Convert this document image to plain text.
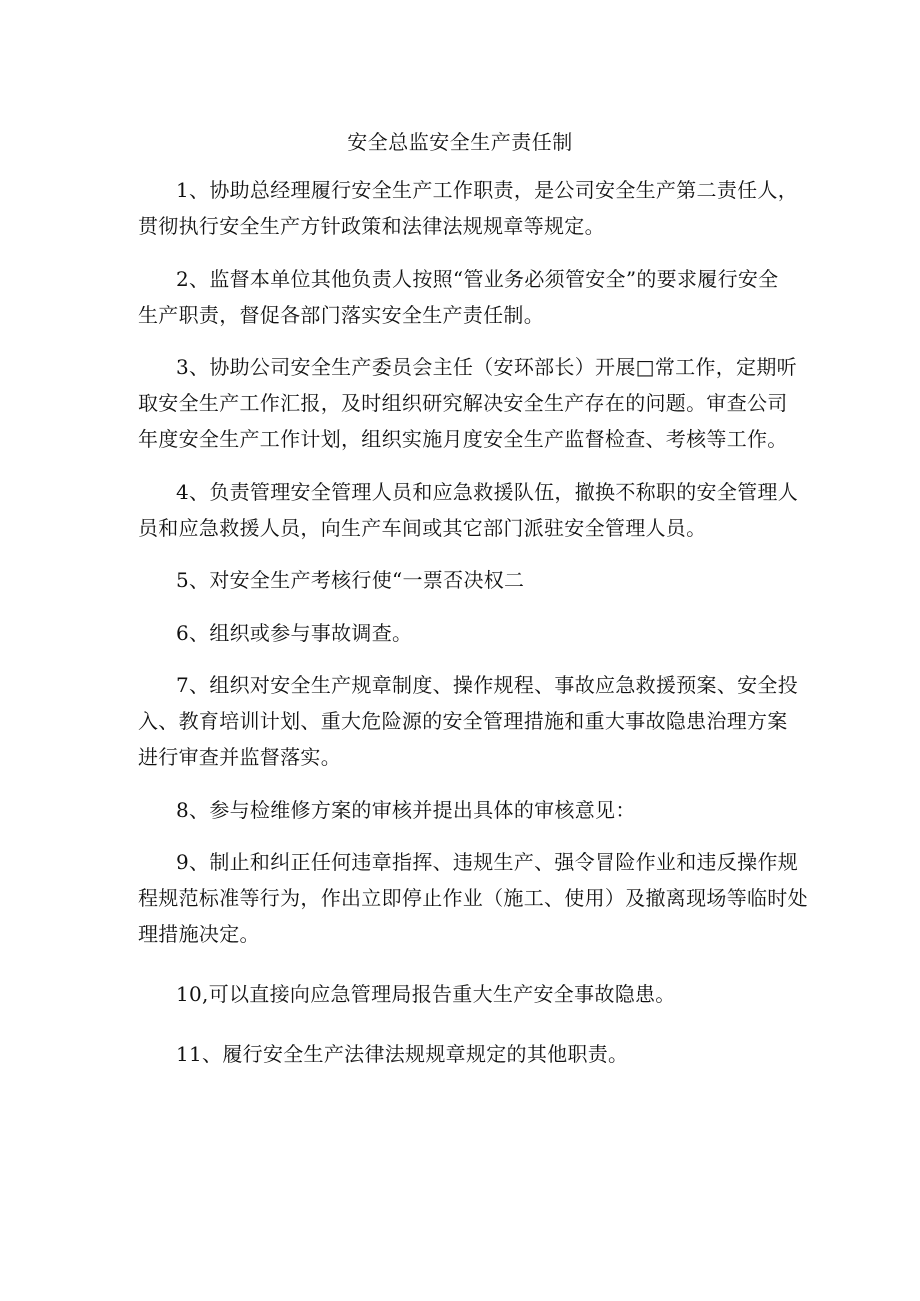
安全总监安全生产责任制
1、协助总经理履行安全生产工作职责，是公司安全生产第二责任人，
贯彻执行安全生产方针政策和法律法规规章等规定。
2、监督本单位其他负责人按照“管业务必须管安全”的要求履行安全
生产职责，督促各部门落实安全生产责任制。
3、协助公司安全生产委员会主任（安环部长）开展□常工作，定期听
取安全生产工作汇报，及时组织研究解决安全生产存在的问题。审查公司
年度安全生产工作计划，组织实施月度安全生产监督检查、考核等工作。
4、负责管理安全管理人员和应急救援队伍，撤换不称职的安全管理人
员和应急救援人员，向生产车间或其它部门派驻安全管理人员。
5、对安全生产考核行使“一票否决权二
6、组织或参与事故调查。
7、组织对安全生产规章制度、操作规程、事故应急救援预案、安全投
入、教育培训计划、重大危险源的安全管理措施和重大事故隐患治理方案
进行审查并监督落实。
8、参与检维修方案的审核并提出具体的审核意见：
9、制止和纠正任何违章指挥、违规生产、强令冒险作业和违反操作规
程规范标准等行为，作出立即停止作业（施工、使用）及撤离现场等临时处
理措施决定。
10,可以直接向应急管理局报告重大生产安全事故隐患。
11、履行安全生产法律法规规章规定的其他职责。
